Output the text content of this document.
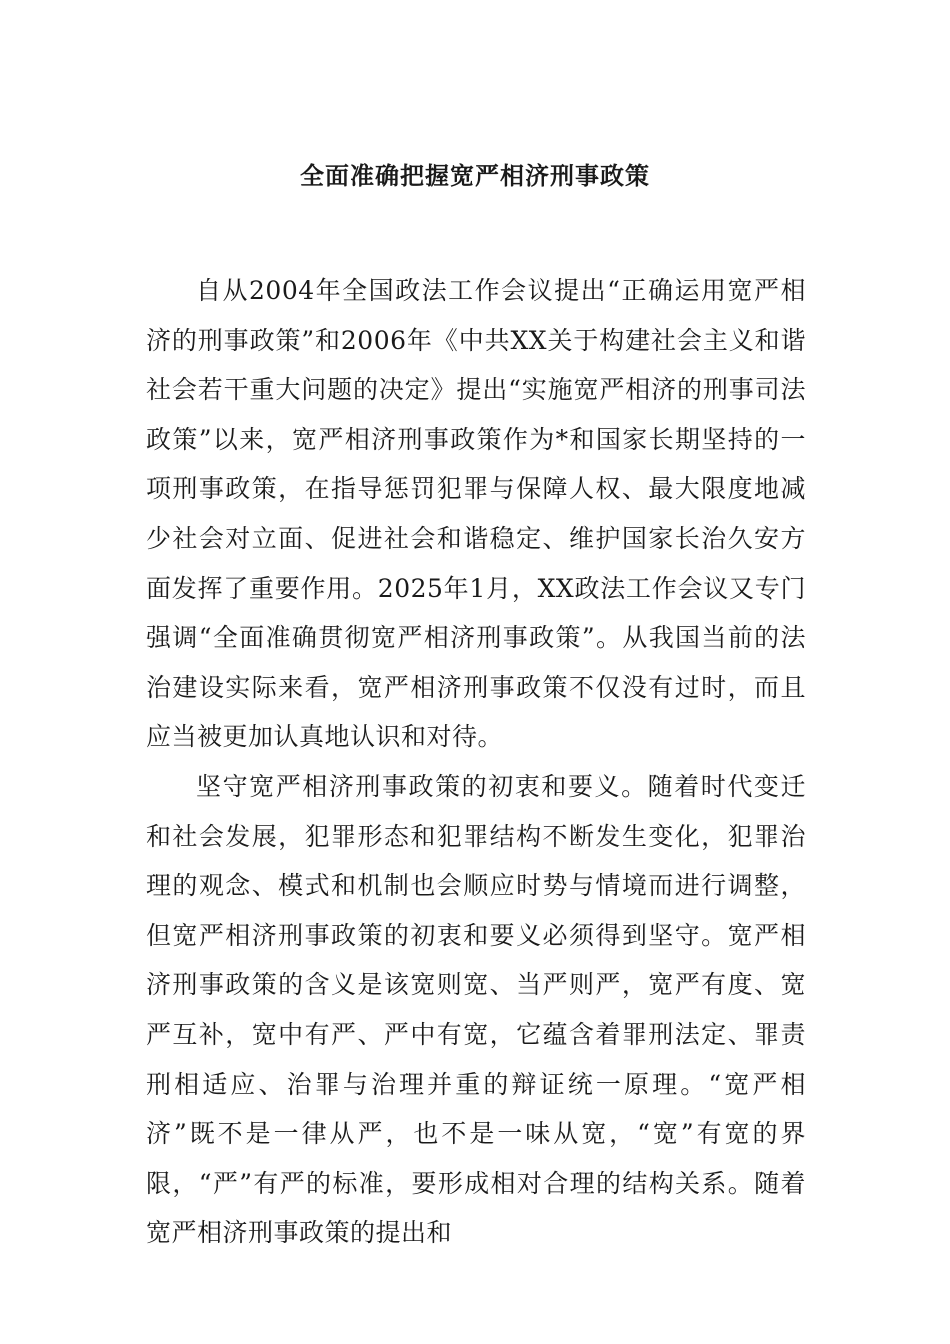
全面准确把握宽严相济刑事政策

自从2004年全国政法工作会议提出“正确运用宽严相济的刑事政策”和2006年《中共XX关于构建社会主义和谐社会若干重大问题的决定》提出“实施宽严相济的刑事司法政策”以来，宽严相济刑事政策作为*和国家长期坚持的一项刑事政策，在指导惩罚犯罪与保障人权、最大限度地减少社会对立面、促进社会和谐稳定、维护国家长治久安方面发挥了重要作用。2025年1月，XX政法工作会议又专门强调“全面准确贯彻宽严相济刑事政策”。从我国当前的法治建设实际来看，宽严相济刑事政策不仅没有过时，而且应当被更加认真地认识和对待。

坚守宽严相济刑事政策的初衷和要义。随着时代变迁和社会发展，犯罪形态和犯罪结构不断发生变化，犯罪治理的观念、模式和机制也会顺应时势与情境而进行调整，但宽严相济刑事政策的初衷和要义必须得到坚守。宽严相济刑事政策的含义是该宽则宽、当严则严，宽严有度、宽严互补，宽中有严、严中有宽，它蕴含着罪刑法定、罪责刑相适应、治罪与治理并重的辩证统一原理。“宽严相济”既不是一律从严，也不是一味从宽，“宽”有宽的界限，“严”有严的标准，要形成相对合理的结构关系。随着宽严相济刑事政策的提出和
